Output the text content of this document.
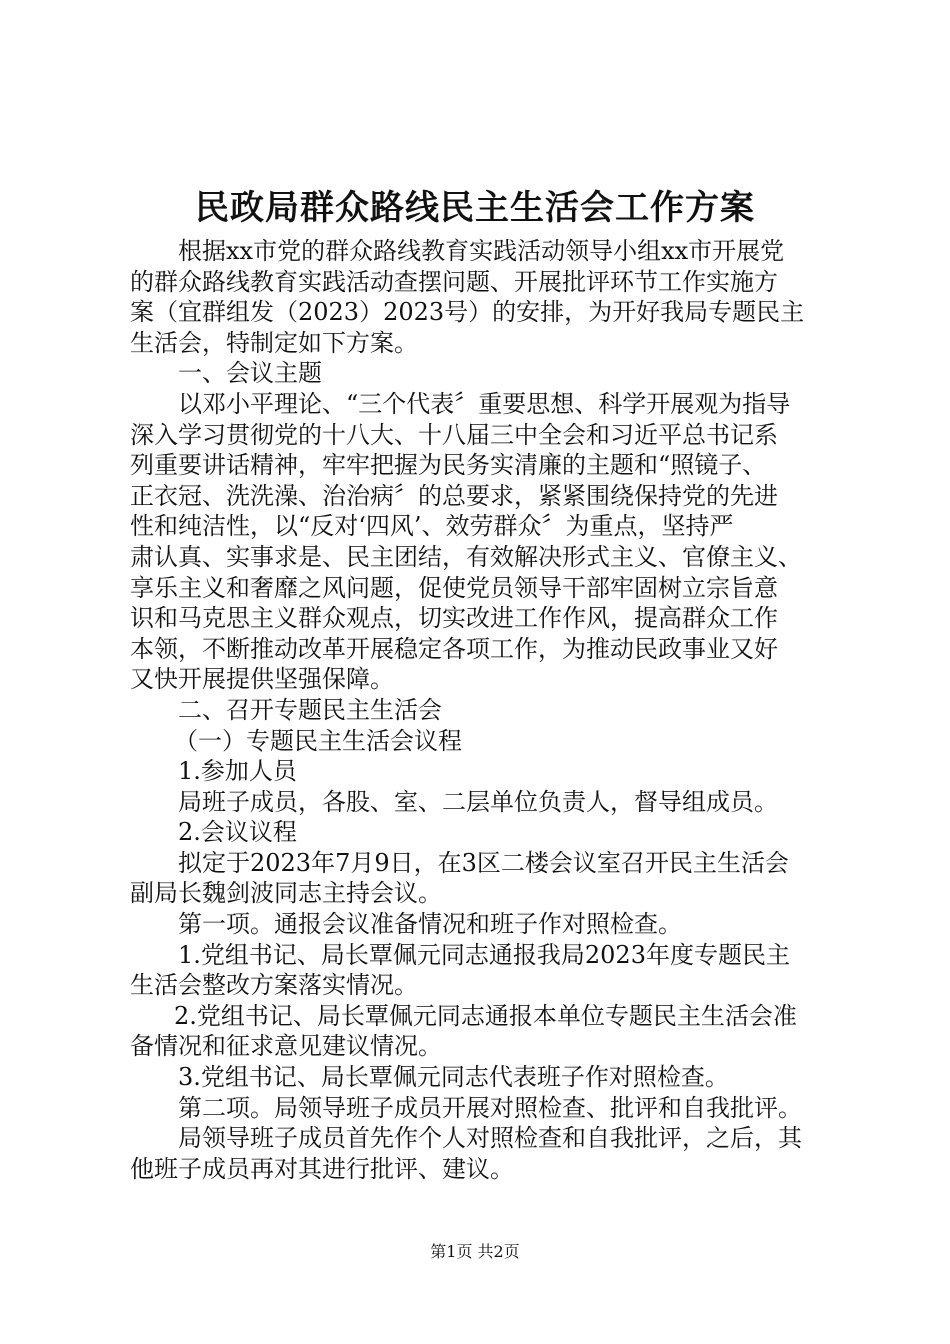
民政局群众路线民主生活会工作方案
根据xx市党的群众路线教育实践活动领导小组xx市开展党
的群众路线教育实践活动查摆问题、开展批评环节工作实施方
案（宜群组发（2023）2023号）的安排，为开好我局专题民主
生活会，特制定如下方案。
一、会议主题
以邓小平理论、“三个代表〞重要思想、科学开展观为指导
深入学习贯彻党的十八大、十八届三中全会和习近平总书记系
列重要讲话精神，牢牢把握为民务实清廉的主题和“照镜子、
正衣冠、洗洗澡、治治病〞的总要求，紧紧围绕保持党的先进
性和纯洁性，以“反对‘四风’、效劳群众〞为重点，坚持严
肃认真、实事求是、民主团结，有效解决形式主义、官僚主义、
享乐主义和奢靡之风问题，促使党员领导干部牢固树立宗旨意
识和马克思主义群众观点，切实改进工作作风，提高群众工作
本领，不断推动改革开展稳定各项工作，为推动民政事业又好
又快开展提供坚强保障。
二、召开专题民主生活会
（一）专题民主生活会议程
1.参加人员
局班子成员，各股、室、二层单位负责人，督导组成员。
2.会议议程
拟定于2023年7月9日，在3区二楼会议室召开民主生活会
副局长魏剑波同志主持会议。
第一项。通报会议准备情况和班子作对照检查。
1.党组书记、局长覃佩元同志通报我局2023年度专题民主
生活会整改方案落实情况。
2.党组书记、局长覃佩元同志通报本单位专题民主生活会准
备情况和征求意见建议情况。
3.党组书记、局长覃佩元同志代表班子作对照检查。
第二项。局领导班子成员开展对照检查、批评和自我批评。
局领导班子成员首先作个人对照检查和自我批评，之后，其
他班子成员再对其进行批评、建议。
第1页 共2页
